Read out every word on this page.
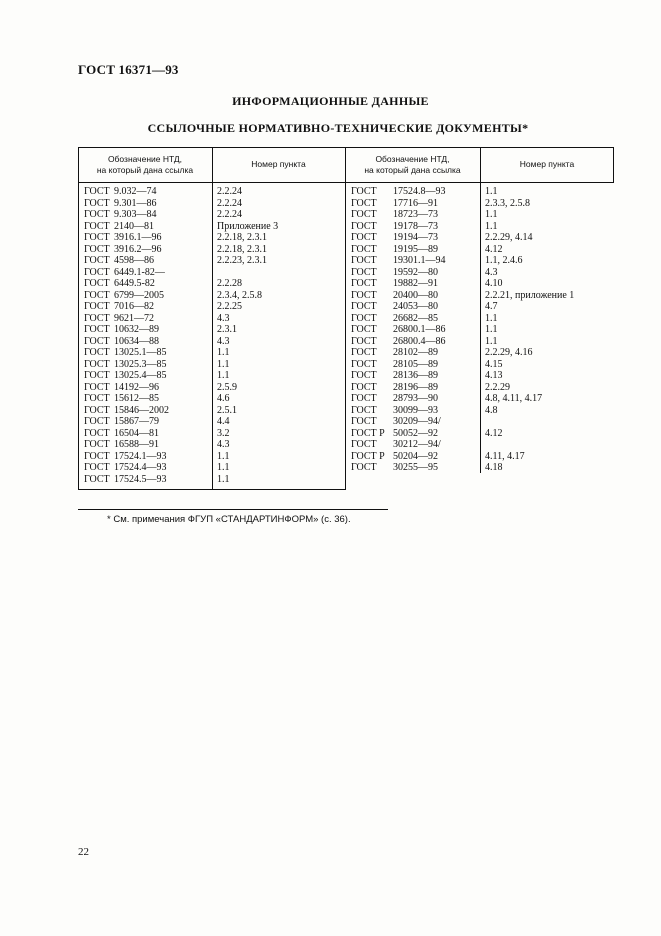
ГОСТ 16371—93
ИНФОРМАЦИОННЫЕ ДАННЫЕ
ССЫЛОЧНЫЕ НОРМАТИВНО-ТЕХНИЧЕСКИЕ ДОКУМЕНТЫ*
Обозначение НТД,
на который дана ссылка
Номер пункта
Обозначение НТД,
на который дана ссылка
Номер пункта
ГОСТ 9.032—74	2.2.24
ГОСТ 9.301—86	2.2.24
ГОСТ 9.303—84	2.2.24
ГОСТ 2140—81	Приложение 3
ГОСТ 3916.1—96	2.2.18, 2.3.1
ГОСТ 3916.2—96	2.2.18, 2.3.1
ГОСТ 4598—86	2.2.23, 2.3.1
ГОСТ 6449.1-82—
ГОСТ 6449.5-82	2.2.28
ГОСТ 6799—2005	2.3.4, 2.5.8
ГОСТ 7016—82	2.2.25
ГОСТ 9621—72	4.3
ГОСТ 10632—89	2.3.1
ГОСТ 10634—88	4.3
ГОСТ 13025.1—85	1.1
ГОСТ 13025.3—85	1.1
ГОСТ 13025.4—85	1.1
ГОСТ 14192—96	2.5.9
ГОСТ 15612—85	4.6
ГОСТ 15846—2002	2.5.1
ГОСТ 15867—79	4.4
ГОСТ 16504—81	3.2
ГОСТ 16588—91	4.3
ГОСТ 17524.1—93	1.1
ГОСТ 17524.4—93	1.1
ГОСТ 17524.5—93	1.1
ГОСТ 17524.8—93	1.1
ГОСТ 17716—91	2.3.3, 2.5.8
ГОСТ 18723—73	1.1
ГОСТ 19178—73	1.1
ГОСТ 19194—73	2.2.29, 4.14
ГОСТ 19195—89	4.12
ГОСТ 19301.1—94	1.1, 2.4.6
ГОСТ 19592—80	4.3
ГОСТ 19882—91	4.10
ГОСТ 20400—80	2.2.21, приложение 1
ГОСТ 24053—80	4.7
ГОСТ 26682—85	1.1
ГОСТ 26800.1—86	1.1
ГОСТ 26800.4—86	1.1
ГОСТ 28102—89	2.2.29, 4.16
ГОСТ 28105—89	4.15
ГОСТ 28136—89	4.13
ГОСТ 28196—89	2.2.29
ГОСТ 28793—90	4.8, 4.11, 4.17
ГОСТ 30099—93	4.8
ГОСТ 30209—94/
ГОСТ Р 50052—92	4.12
ГОСТ 30212—94/
ГОСТ Р 50204—92	4.11, 4.17
ГОСТ 30255—95	4.18
* См. примечания ФГУП «СТАНДАРТИНФОРМ» (с. 36).
22
